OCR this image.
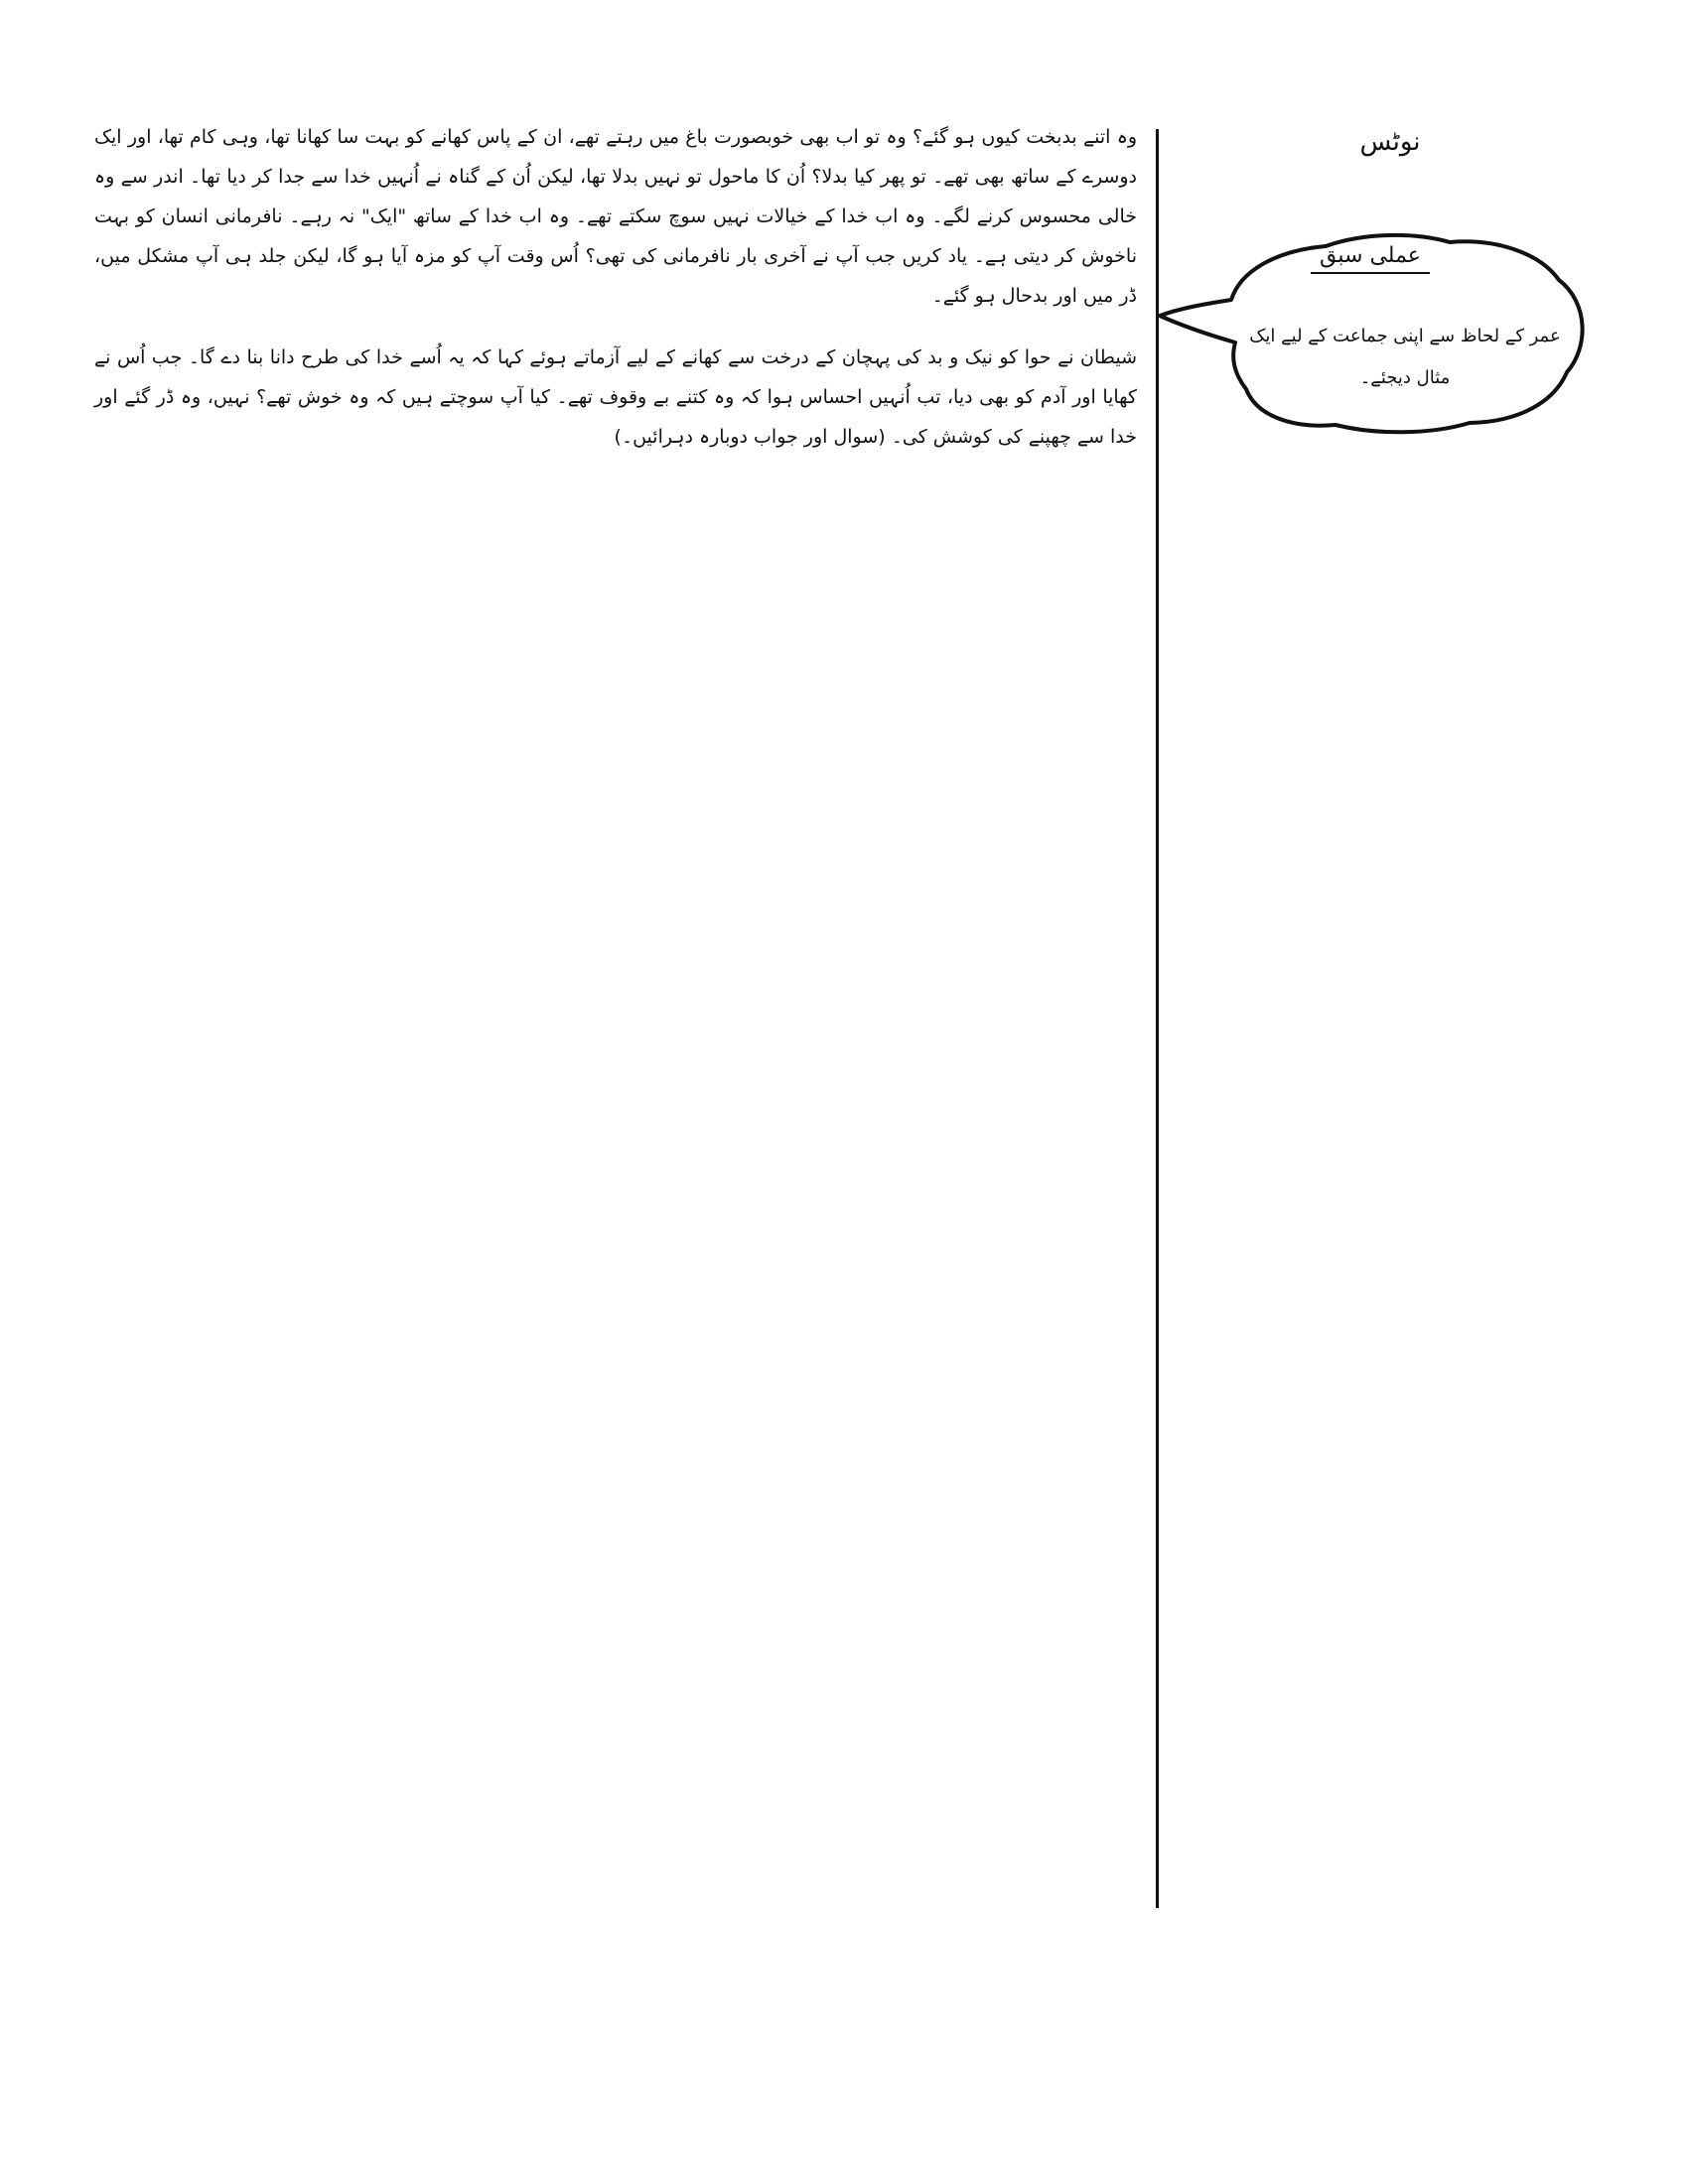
وہ اتنے بدبخت کیوں ہو گئے؟ وہ تو اب بھی خوبصورت باغ میں رہتے تھے، ان کے پاس کھانے کو بہت سا کھانا تھا، وہی کام تھا، اور ایک دوسرے کے ساتھ بھی تھے۔ تو پھر کیا بدلا؟ اُن کا ماحول تو نہیں بدلا تھا، لیکن اُن کے گناہ نے اُنہیں خدا سے جدا کر دیا تھا۔ اندر سے وہ خالی محسوس کرنے لگے۔ وہ اب خدا کے خیالات نہیں سوچ سکتے تھے۔ وہ اب خدا کے ساتھ "ایک" نہ رہے۔ نافرمانی انسان کو بہت ناخوش کر دیتی ہے۔ یاد کریں جب آپ نے آخری بار نافرمانی کی تھی؟ اُس وقت آپ کو مزہ آیا ہو گا، لیکن جلد ہی آپ مشکل میں، ڈر میں اور بدحال ہو گئے۔

شیطان نے حوا کو نیک و بد کی پہچان کے درخت سے کھانے کے لیے آزماتے ہوئے کہا کہ یہ اُسے خدا کی طرح دانا بنا دے گا۔ جب اُس نے کھایا اور آدم کو بھی دیا، تب اُنہیں احساس ہوا کہ وہ کتنے بے وقوف تھے۔ کیا آپ سوچتے ہیں کہ وہ خوش تھے؟ نہیں، وہ ڈر گئے اور خدا سے چھپنے کی کوشش کی۔ (سوال اور جواب دوبارہ دہرائیں۔)

نوٹس
عملی سبق
عمر کے لحاظ سے اپنی جماعت کے لیے ایک مثال دیجئے۔
